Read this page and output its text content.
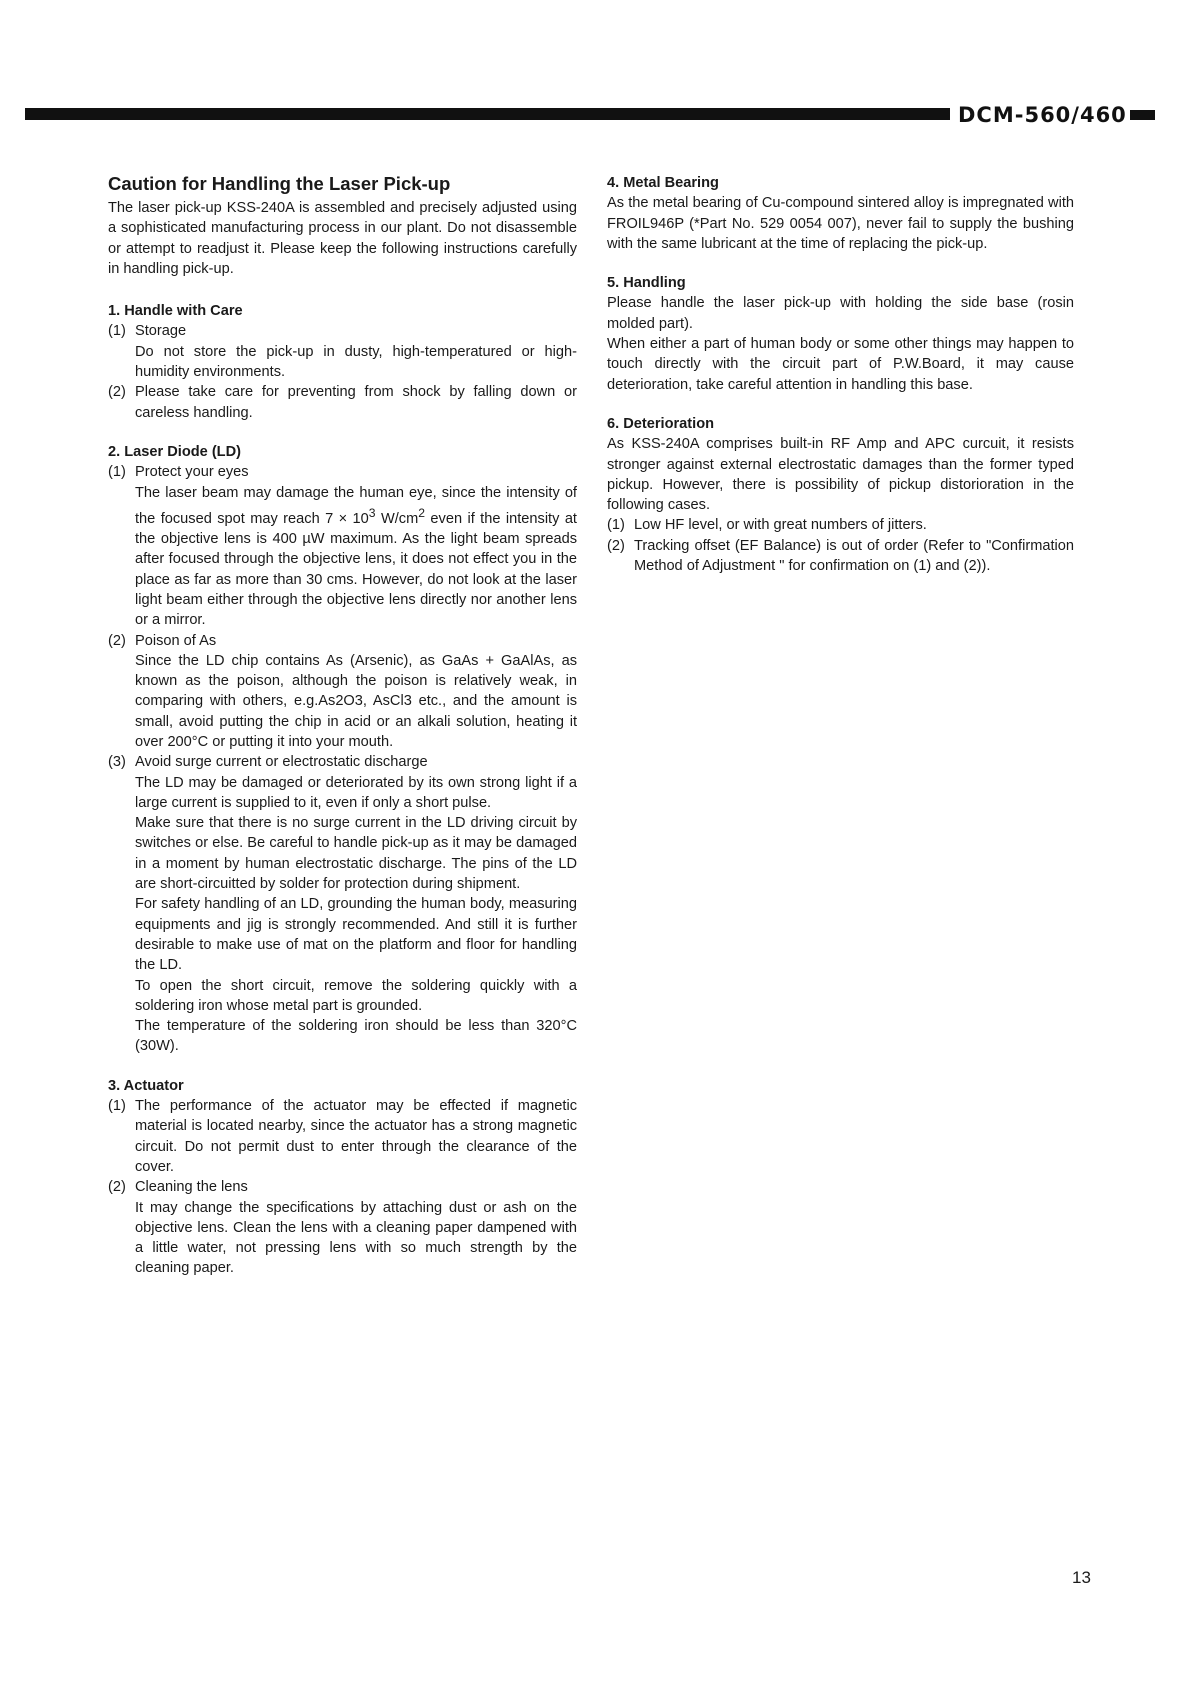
DCM-560/460
Caution for Handling the Laser Pick-up

The laser pick-up KSS-240A is assembled and precisely adjusted using a sophisticated manufacturing process in our plant. Do not disassemble or attempt to readjust it. Please keep the following instructions carefully in handling pick-up.

1. Handle with Care

(1) Storage

Do not store the pick-up in dusty, high-temperatured or high-humidity environments.

(2) Please take care for preventing from shock by falling down or careless handling.

2. Laser Diode (LD)

(1) Protect your eyes

The laser beam may damage the human eye, since the intensity of the focused spot may reach $7 \times 10^3$ $W/cm^2$ even if the intensity at the objective lens is 400 µW maximum. As the light beam spreads after focused through the objective lens, it does not effect you in the place as far as more than 30 cms. However, do not look at the laser light beam either through the objective lens directly nor another lens or a mirror.

(2) Poison of As

Since the LD chip contains As (Arsenic), as GaAs + GaAlAs, as known as the poison, although the poison is relatively weak, in comparing with others, e.g.As2O3, AsCl3 etc., and the amount is small, avoid putting the chip in acid or an alkali solution, heating it over 200°C or putting it into your mouth.

(3) Avoid surge current or electrostatic discharge

The LD may be damaged or deteriorated by its own strong light if a large current is supplied to it, even if only a short pulse.

Make sure that there is no surge current in the LD driving circuit by switches or else. Be careful to handle pick-up as it may be damaged in a moment by human electrostatic discharge. The pins of the LD are short-circuitted by solder for protection during shipment.

For safety handling of an LD, grounding the human body, measuring equipments and jig is strongly recommended. And still it is further desirable to make use of mat on the platform and floor for handling the LD.

To open the short circuit, remove the soldering quickly with a soldering iron whose metal part is grounded.

The temperature of the soldering iron should be less than 320°C (30W).

3. Actuator

(1) The performance of the actuator may be effected if magnetic material is located nearby, since the actuator has a strong magnetic circuit. Do not permit dust to enter through the clearance of the cover.

(2) Cleaning the lens

It may change the specifications by attaching dust or ash on the objective lens. Clean the lens with a cleaning paper dampened with a little water, not pressing lens with so much strength by the cleaning paper.

4. Metal Bearing

As the metal bearing of Cu-compound sintered alloy is impregnated with FROIL946P (*Part No. 529 0054 007), never fail to supply the bushing with the same lubricant at the time of replacing the pick-up.

5. Handling

Please handle the laser pick-up with holding the side base (rosin molded part).

When either a part of human body or some other things may happen to touch directly with the circuit part of P.W.Board, it may cause deterioration, take careful attention in handling this base.

6. Deterioration

As KSS-240A comprises built-in RF Amp and APC curcuit, it resists stronger against external electrostatic damages than the former typed pickup. However, there is possibility of pickup distorioration in the following cases.

(1) Low HF level, or with great numbers of jitters.

(2) Tracking offset (EF Balance) is out of order (Refer to "Confirmation Method of Adjustment " for confirmation on (1) and (2)).

13
